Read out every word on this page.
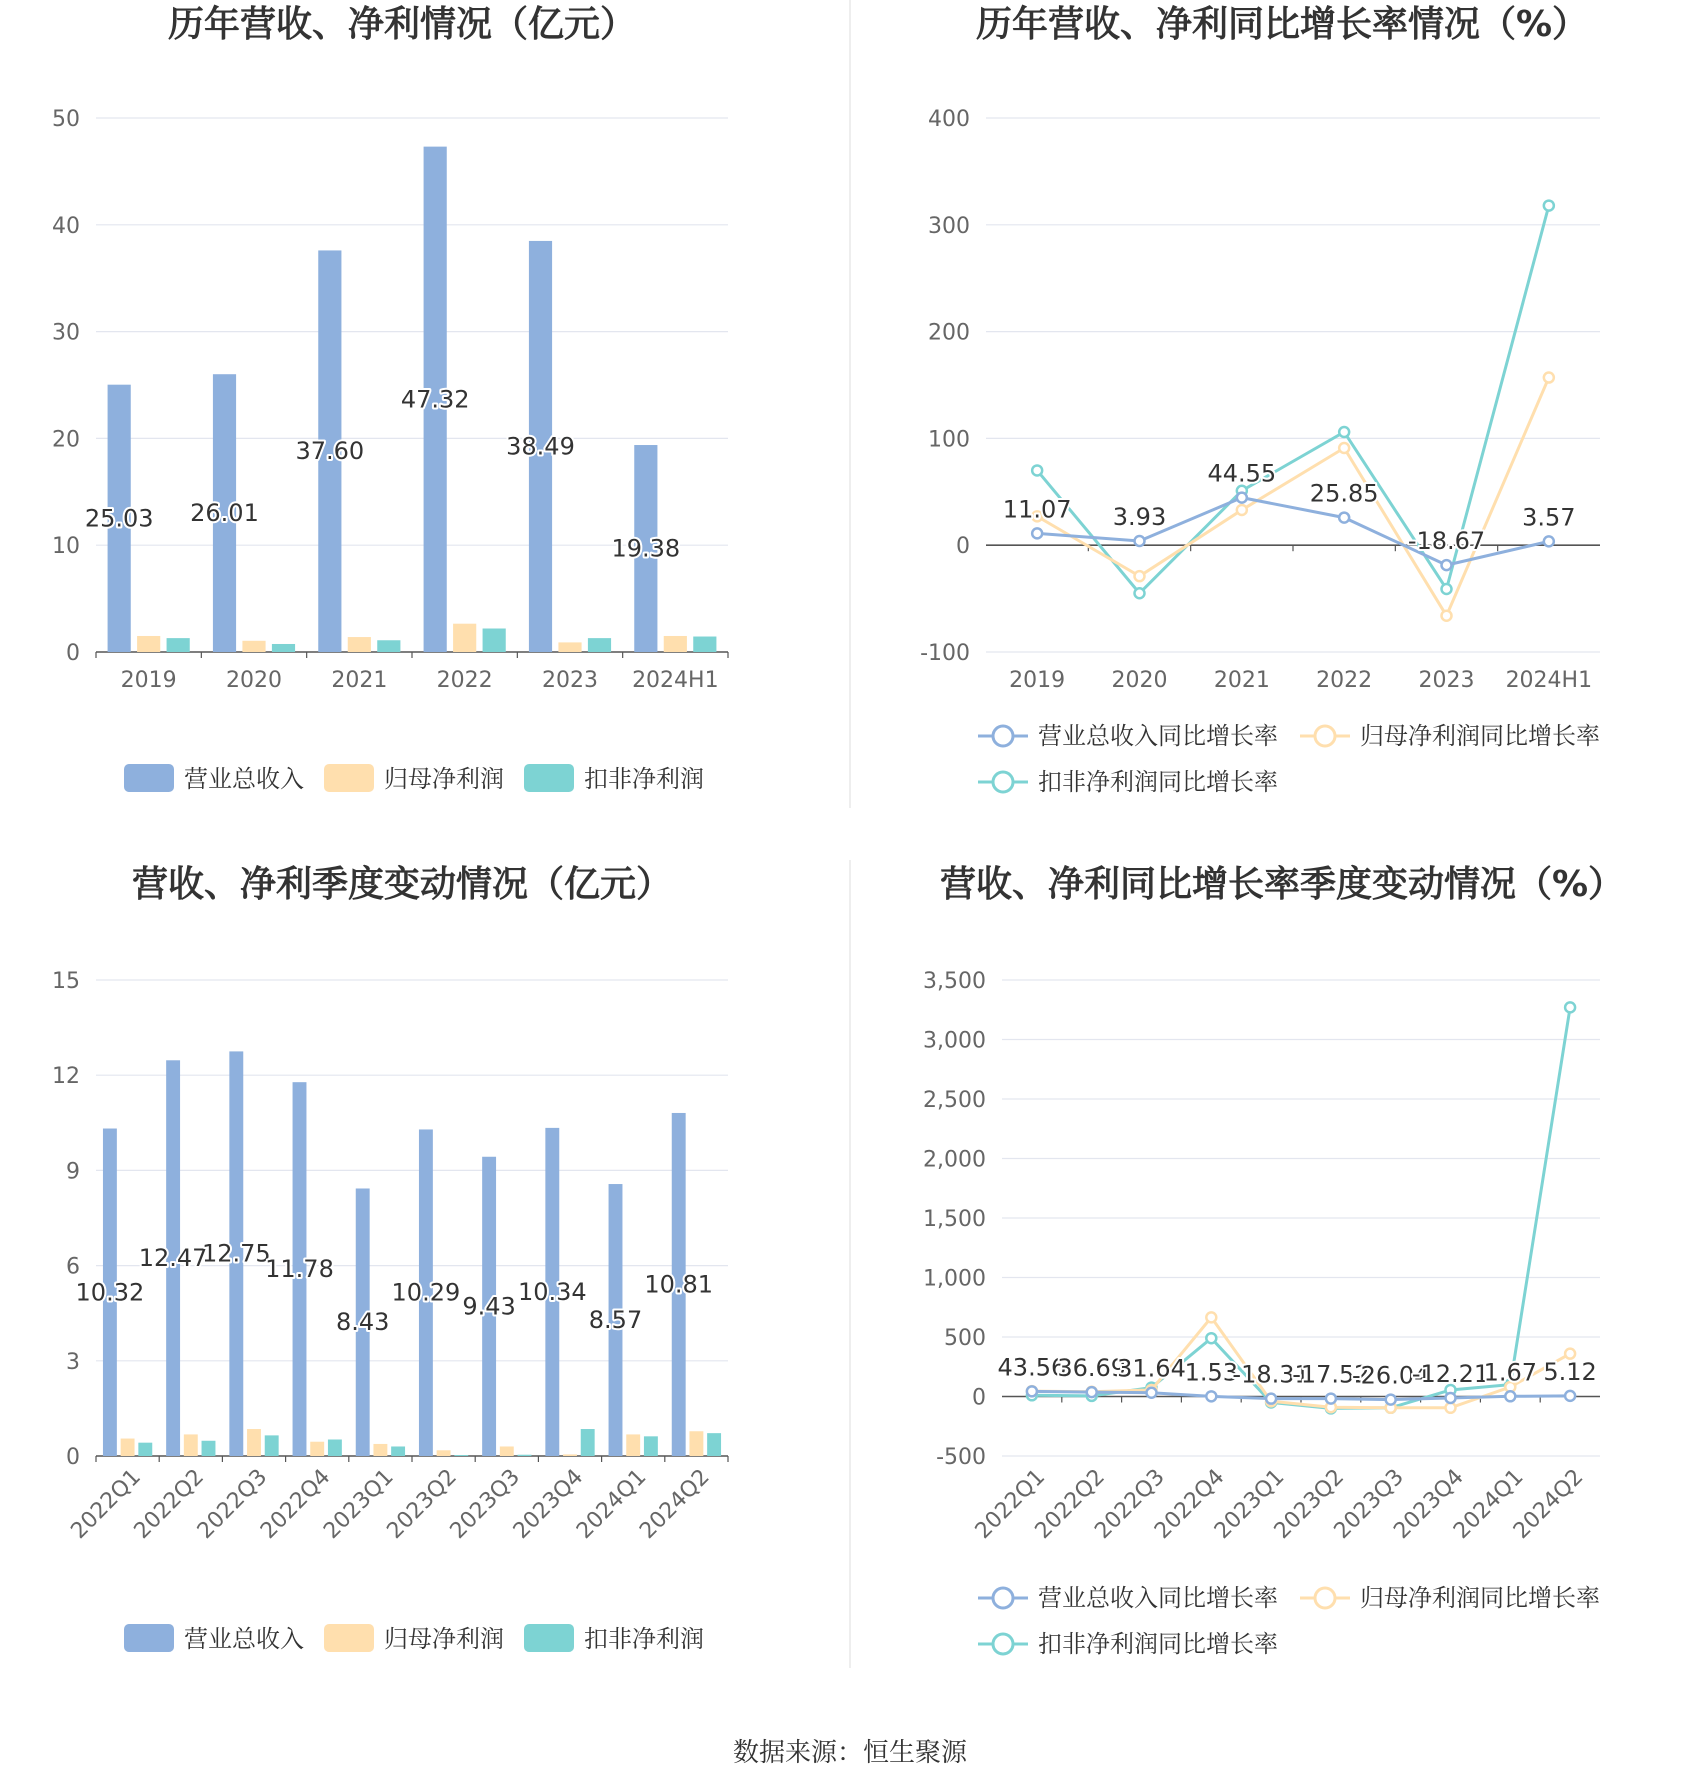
历年营收、净利情况（亿元）
0
10
20
30
40
50
2019 2020 2021 2022 2023 2024H1
25.03 26.01
37.60
47.32
38.49
19.38
营业总收入	归母净利润	扣非净利润
历年营收、净利同比增长率情况（%）
-100
0
100
200
300
400
2019 2020 2021 2022 2023 2024H1
11.07 3.93
44.55
25.85
-18.67
3.57
营业总收入同比增长率	归母净利润同比增长率
扣非净利润同比增长率
营收、净利季度变动情况（亿元）
0
3
6
9
12
15
2022Q1
2022Q2
2022Q3
2022Q4
2023Q1
2023Q2
2023Q3
2023Q4
2024Q1
2024Q2
10.32
12.47
12.75
11.78
8.43
10.29 9.43
10.34
8.57
10.81
营业总收入	归母净利润	扣非净利润
营收、净利同比增长率季度变动情况（%）
-500
0
500
1,000
1,500
2,000
2,500
3,000
3,500
2022Q1
2022Q2
2022Q3
2022Q4
2023Q1
2023Q2
2023Q3
2023Q4
2024Q1
2024Q2
43.56
36.69
31.64
1.53
-18.31
-17.52
-26.04
-12.21
1.67 5.12
营业总收入同比增长率	归母净利润同比增长率
扣非净利润同比增长率
数据来源：恒生聚源
